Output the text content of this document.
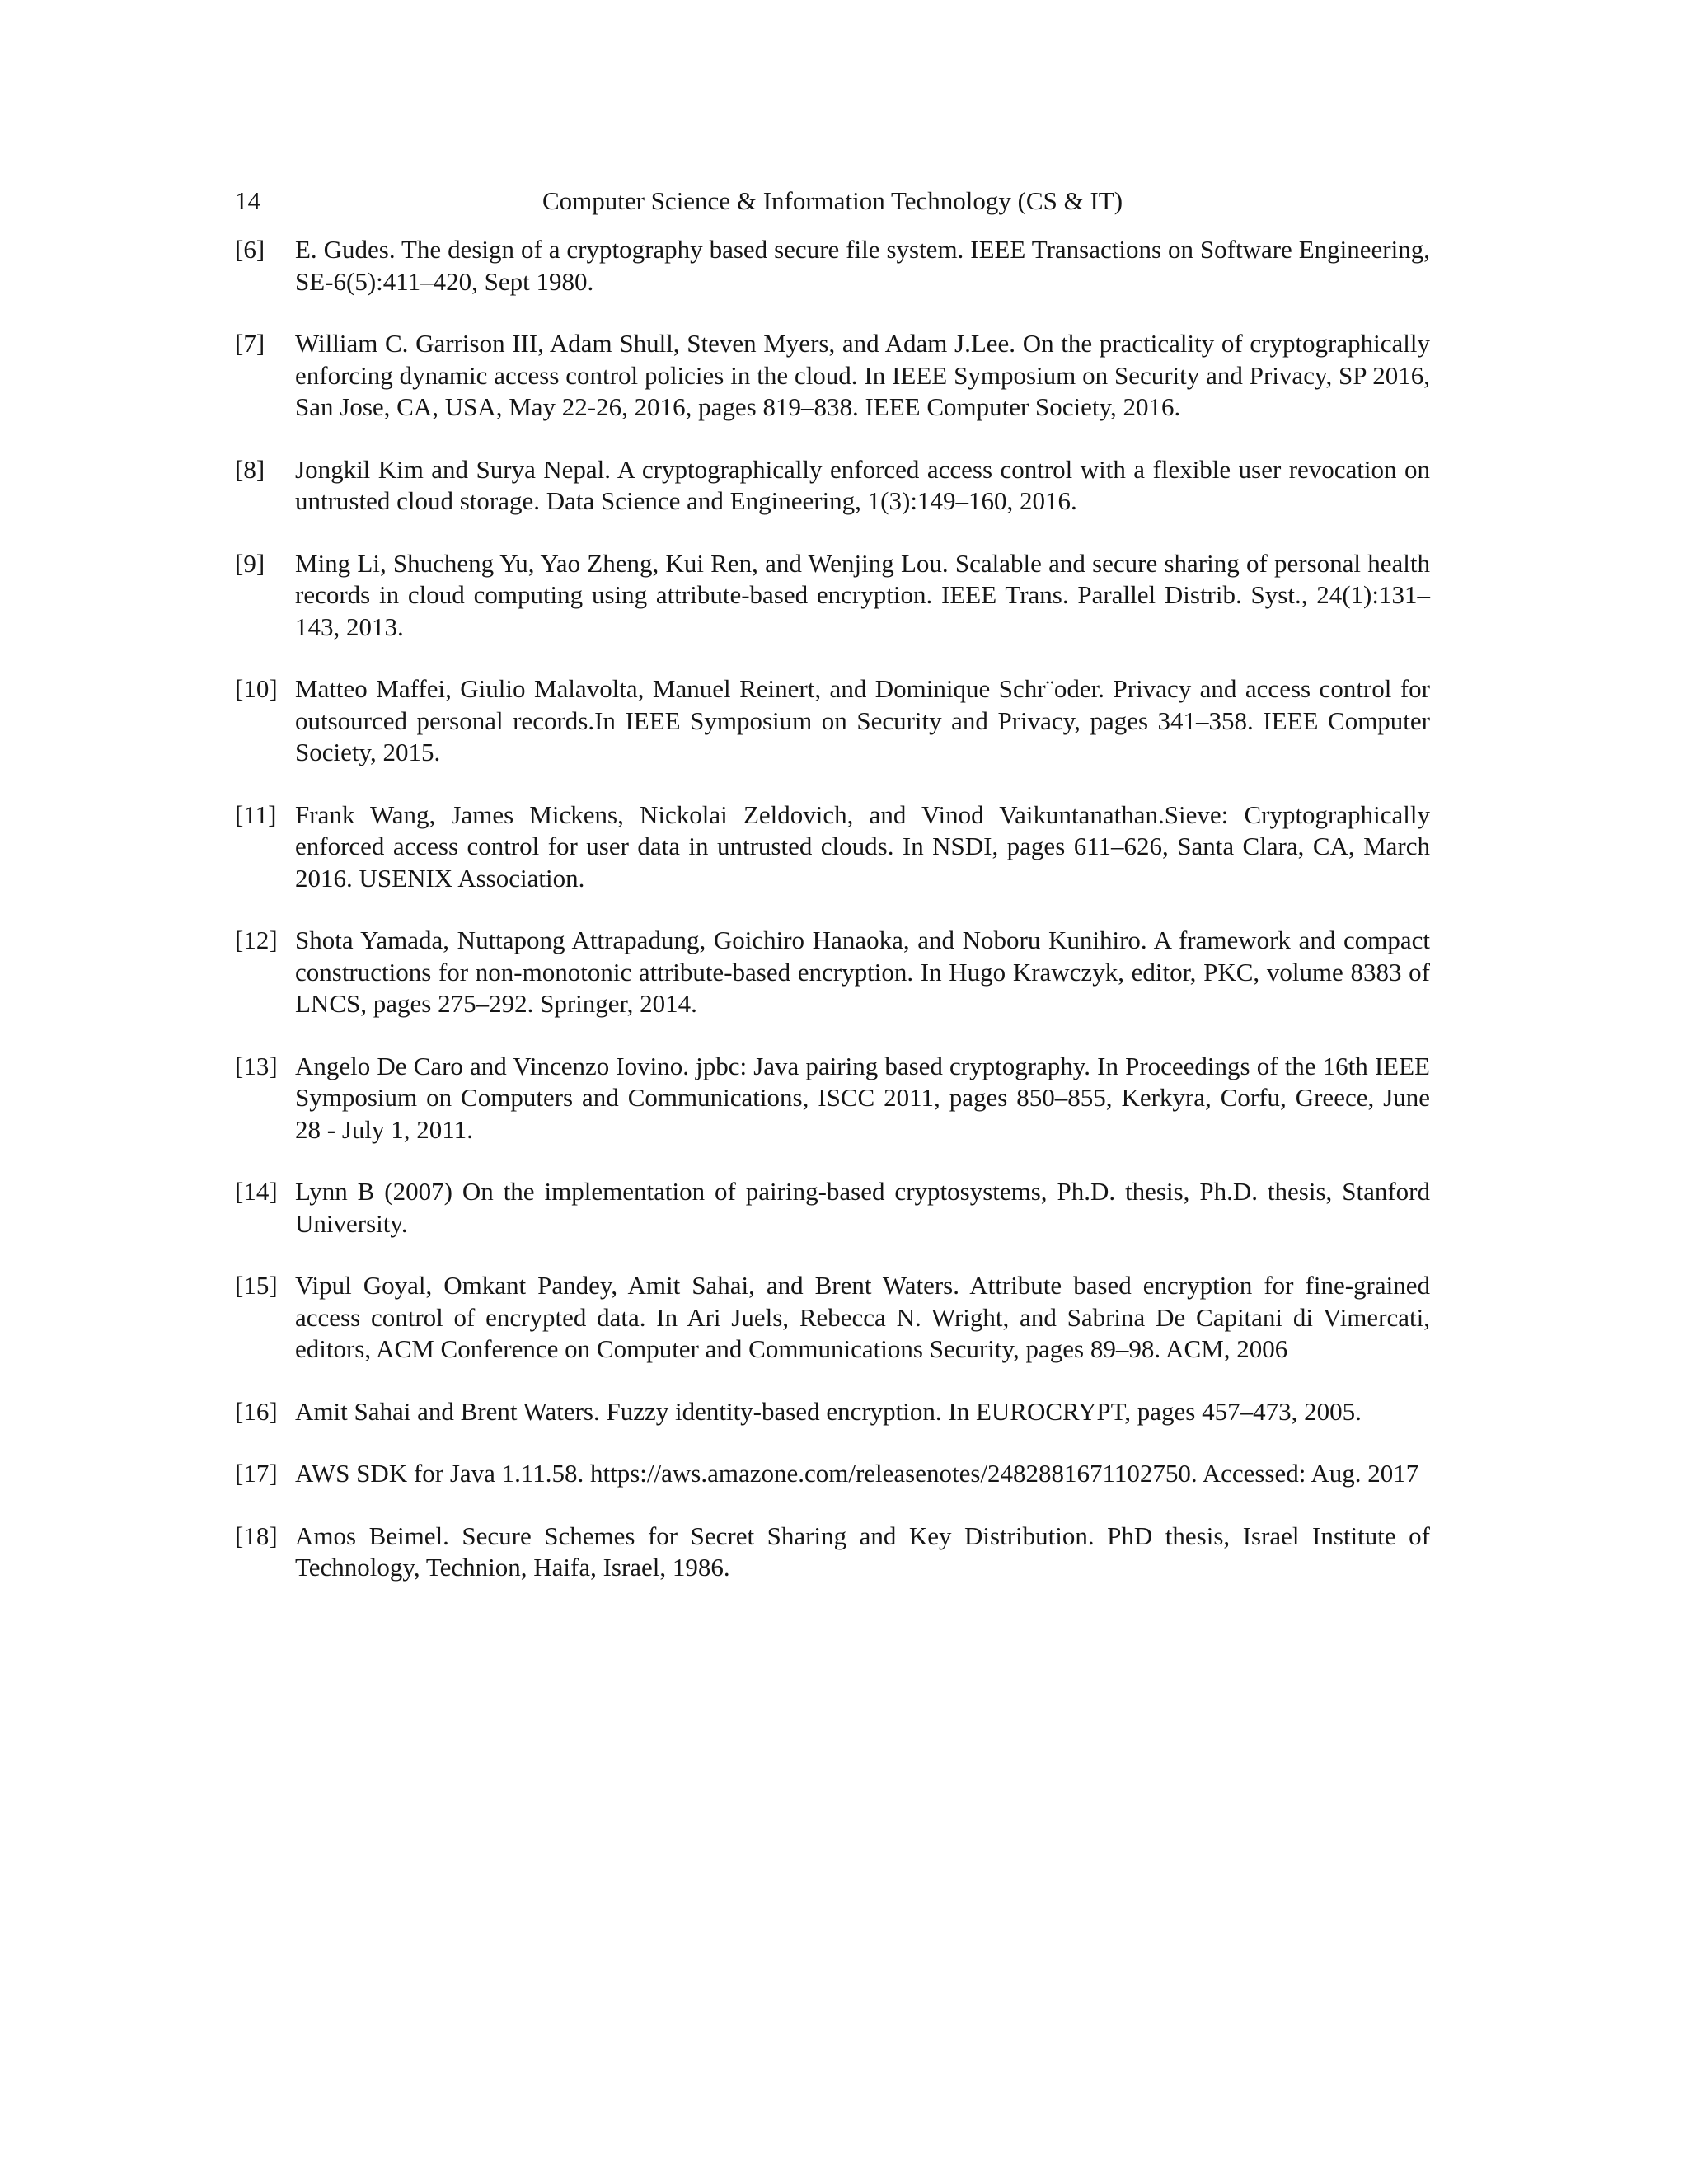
14	Computer Science & Information Technology (CS & IT)
[6] E. Gudes. The design of a cryptography based secure file system. IEEE Transactions on Software Engineering, SE-6(5):411–420, Sept 1980.
[7] William C. Garrison III, Adam Shull, Steven Myers, and Adam J.Lee. On the practicality of cryptographically enforcing dynamic access control policies in the cloud. In IEEE Symposium on Security and Privacy, SP 2016, San Jose, CA, USA, May 22-26, 2016, pages 819–838. IEEE Computer Society, 2016.
[8] Jongkil Kim and Surya Nepal. A cryptographically enforced access control with a flexible user revocation on untrusted cloud storage. Data Science and Engineering, 1(3):149–160, 2016.
[9] Ming Li, Shucheng Yu, Yao Zheng, Kui Ren, and Wenjing Lou. Scalable and secure sharing of personal health records in cloud computing using attribute-based encryption. IEEE Trans. Parallel Distrib. Syst., 24(1):131–143, 2013.
[10] Matteo Maffei, Giulio Malavolta, Manuel Reinert, and Dominique Schr¨oder. Privacy and access control for outsourced personal records.In IEEE Symposium on Security and Privacy, pages 341–358. IEEE Computer Society, 2015.
[11] Frank Wang, James Mickens, Nickolai Zeldovich, and Vinod Vaikuntanathan.Sieve: Cryptographically enforced access control for user data in untrusted clouds. In NSDI, pages 611–626, Santa Clara, CA, March 2016. USENIX Association.
[12] Shota Yamada, Nuttapong Attrapadung, Goichiro Hanaoka, and Noboru Kunihiro. A framework and compact constructions for non-monotonic attribute-based encryption. In Hugo Krawczyk, editor, PKC, volume 8383 of LNCS, pages 275–292. Springer, 2014.
[13] Angelo De Caro and Vincenzo Iovino. jpbc: Java pairing based cryptography. In Proceedings of the 16th IEEE Symposium on Computers and Communications, ISCC 2011, pages 850–855, Kerkyra, Corfu, Greece, June 28 - July 1, 2011.
[14] Lynn B (2007) On the implementation of pairing-based cryptosystems, Ph.D. thesis, Ph.D. thesis, Stanford University.
[15] Vipul Goyal, Omkant Pandey, Amit Sahai, and Brent Waters. Attribute based encryption for fine-grained access control of encrypted data. In Ari Juels, Rebecca N. Wright, and Sabrina De Capitani di Vimercati, editors, ACM Conference on Computer and Communications Security, pages 89–98. ACM, 2006
[16] Amit Sahai and Brent Waters. Fuzzy identity-based encryption. In EUROCRYPT, pages 457–473, 2005.
[17] AWS SDK for Java 1.11.58. https://aws.amazone.com/releasenotes/2482881671102750. Accessed: Aug. 2017
[18] Amos Beimel. Secure Schemes for Secret Sharing and Key Distribution. PhD thesis, Israel Institute of Technology, Technion, Haifa, Israel, 1986.
